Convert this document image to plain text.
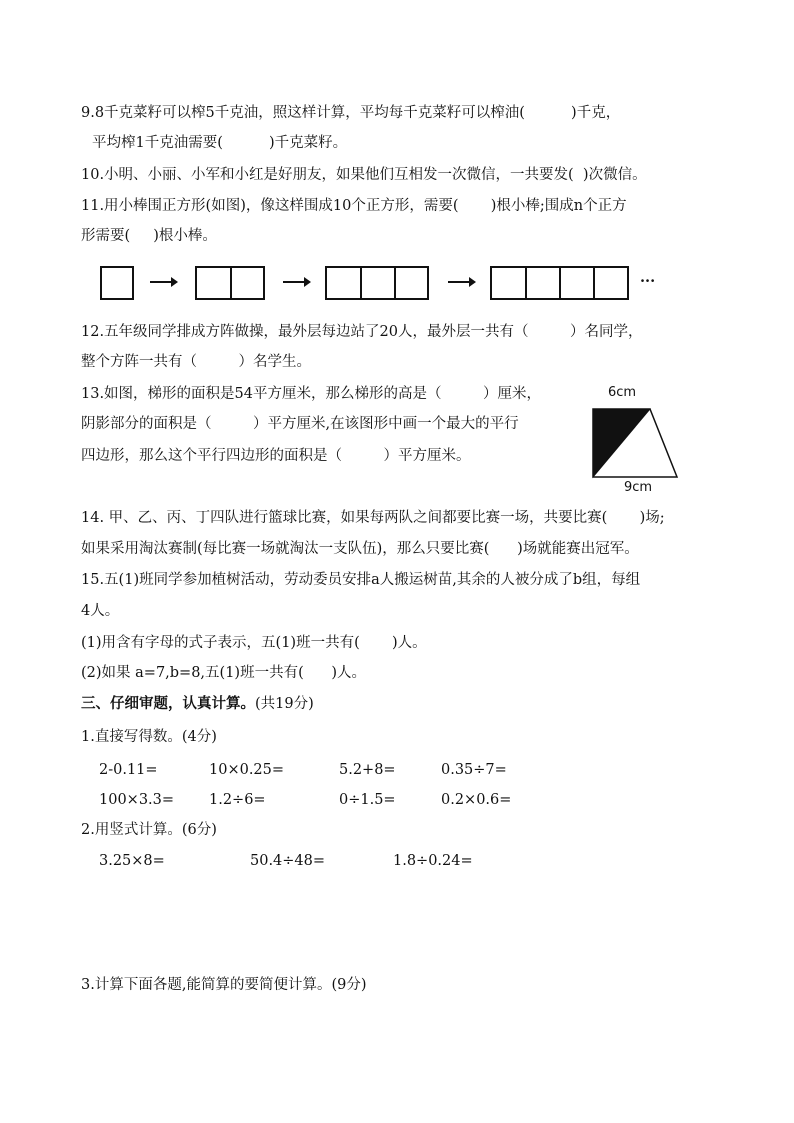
9.8千克菜籽可以榨5千克油，照这样计算，平均每千克菜籽可以榨油(          )千克，
平均榨1千克油需要(          )千克菜籽。
10.小明、小丽、小军和小红是好朋友，如果他们互相发一次微信，一共要发(  )次微信。
11.用小棒围正方形(如图)，像这样围成10个正方形，需要(       )根小棒;围成n个正方
形需要(     )根小棒。
···
12.五年级同学排成方阵做操，最外层每边站了20人，最外层一共有（         ）名同学，
整个方阵一共有（         ）名学生。
13.如图，梯形的面积是54平方厘米，那么梯形的高是（         ）厘米，
阴影部分的面积是（         ）平方厘米,在该图形中画一个最大的平行
四边形，那么这个平行四边形的面积是（         ）平方厘米。
6cm
9cm
14. 甲、乙、丙、丁四队进行篮球比赛，如果每两队之间都要比赛一场，共要比赛(       )场;
如果采用淘汰赛制(每比赛一场就淘汰一支队伍)，那么只要比赛(      )场就能赛出冠军。
15.五(1)班同学参加植树活动，劳动委员安排a人搬运树苗,其余的人被分成了b组，每组
4人。
(1)用含有字母的式子表示，五(1)班一共有(       )人。
(2)如果 a=7,b=8,五(1)班一共有(      )人。
三、仔细审题，认真计算。(共19分)
1.直接写得数。(4分)
2-0.11=	10×0.25=	5.2+8=	0.35÷7=
100×3.3= 1.2÷6=	0÷1.5=	0.2×0.6=
2.用竖式计算。(6分)
3.25×8=	50.4÷48=	1.8÷0.24=
3.计算下面各题,能简算的要简便计算。(9分)
